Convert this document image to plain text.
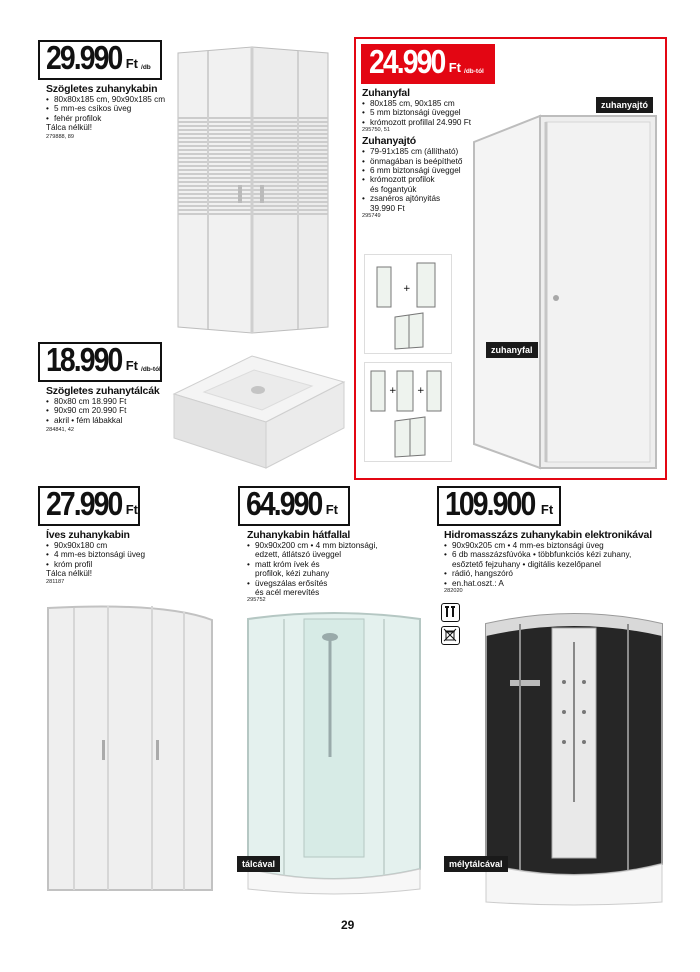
29.990 Ft /db
Szögletes zuhanykabin
• 80x80x185 cm, 90x90x185 cm
• 5 mm-es csíkos üveg
• fehér profilok
Tálca nélkül!
279888, 89
18.990 Ft /db-tól
Szögletes zuhanytálcák
• 80x80 cm 18.990 Ft
• 90x90 cm 20.990 Ft
• akril • fém lábakkal
284841, 42
24.990 Ft /db-tól
Zuhanyfal
• 80x185 cm, 90x185 cm
• 5 mm biztonsági üveggel
• krómozott profillal 24.990 Ft
295750, 51
Zuhanyajtó
• 79-91x185 cm (állítható)
• önmagában is beépíthető
• 6 mm biztonsági üveggel
• krómozott profilok
és fogantyúk
• zsanéros ajtónyitás
39.990 Ft
295749
+
+ +
zuhanyajtó
zuhanyfal
27.990 Ft
Íves zuhanykabin
• 90x90x180 cm
• 4 mm-es biztonsági üveg
• króm profil
Tálca nélkül!
281187
64.990 Ft
Zuhanykabin hátfallal
• 90x90x200 cm • 4 mm biztonsági,
edzett, átlátszó üveggel
• matt króm ívek és
profilok, kézi zuhany
• üvegszálas erősítés
és acél merevítés
295752
tálcával
109.900 Ft
Hidromasszázs zuhanykabin elektronikával
• 90x90x205 cm • 4 mm-es biztonsági üveg
• 6 db masszázsfúvóka • többfunkciós kézi zuhany,
esőztető fejzuhany • digitális kezelőpanel
• rádió, hangszóró
• en.hat.oszt.: A
282020
mélytálcával
29
